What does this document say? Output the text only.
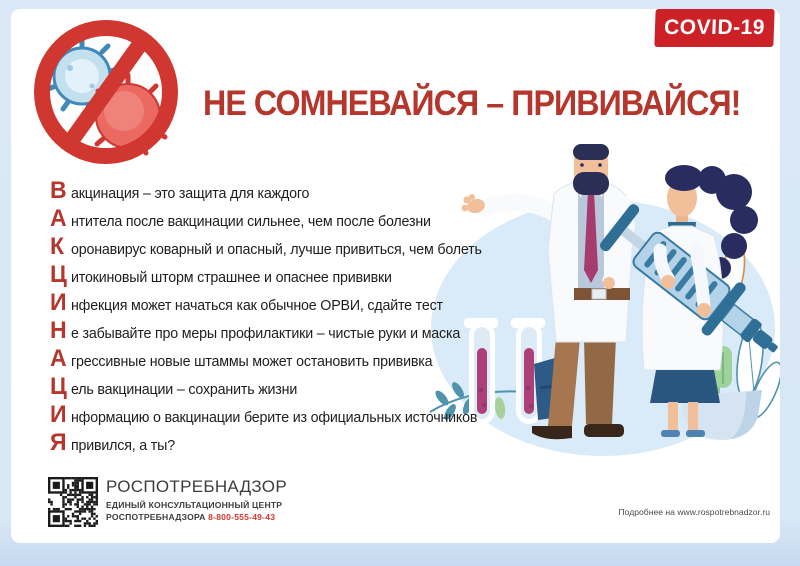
COVID-19
НЕ СОМНЕВАЙСЯ – ПРИВИВАЙСЯ!
В акцинация – это защита для каждого
А нтитела после вакцинации сильнее, чем после болезни
К оронавирус коварный и опасный, лучше привиться, чем болеть
Ц итокиновый шторм страшнее и опаснее прививки
И нфекция может начаться как обычное ОРВИ, сдайте тест
Н е забывайте про меры профилактики – чистые руки и маска
А грессивные новые штаммы может остановить прививка
Ц ель вакцинации – сохранить жизни
И нформацию о вакцинации берите из официальных источников
Я привился, а ты?
РОСПОТРЕБНАДЗОР
ЕДИНЫЙ КОНСУЛЬТАЦИОННЫЙ ЦЕНТР
РОСПОТРЕБНАДЗОРА 8-800-555-49-43	Подробнее на www.rospotrebnadzor.ru
